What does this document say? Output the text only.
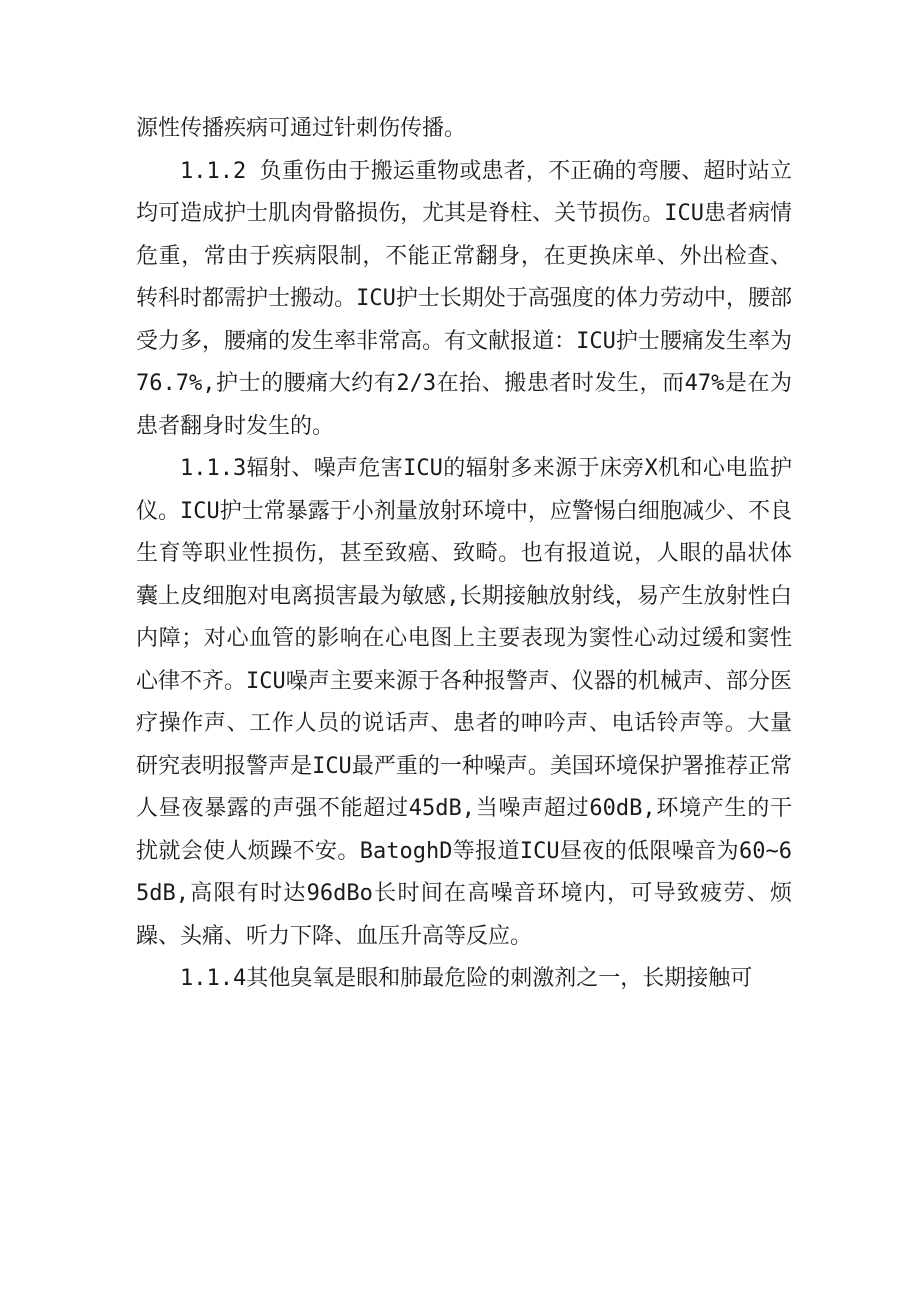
源性传播疾病可通过针刺伤传播。

1.1.2 负重伤由于搬运重物或患者，不正确的弯腰、超时站立均可造成护士肌肉骨骼损伤，尤其是脊柱、关节损伤。ICU患者病情危重，常由于疾病限制，不能正常翻身，在更换床单、外出检查、转科时都需护士搬动。ICU护士长期处于高强度的体力劳动中，腰部受力多，腰痛的发生率非常高。有文献报道：ICU护士腰痛发生率为76.7%,护士的腰痛大约有2/3在抬、搬患者时发生，而47%是在为患者翻身时发生的。

1.1.3辐射、噪声危害ICU的辐射多来源于床旁X机和心电监护仪。ICU护士常暴露于小剂量放射环境中，应警惕白细胞减少、不良生育等职业性损伤，甚至致癌、致畸。也有报道说，人眼的晶状体囊上皮细胞对电离损害最为敏感,长期接触放射线，易产生放射性白内障；对心血管的影响在心电图上主要表现为窦性心动过缓和窦性心律不齐。ICU噪声主要来源于各种报警声、仪器的机械声、部分医疗操作声、工作人员的说话声、患者的呻吟声、电话铃声等。大量研究表明报警声是ICU最严重的一种噪声。美国环境保护署推荐正常人昼夜暴露的声强不能超过45dB,当噪声超过60dB,环境产生的干扰就会使人烦躁不安。BatoghD等报道ICU昼夜的低限噪音为60~65dB,高限有时达96dBo长时间在高噪音环境内，可导致疲劳、烦躁、头痛、听力下降、血压升高等反应。

1.1.4其他臭氧是眼和肺最危险的刺激剂之一，长期接触可
